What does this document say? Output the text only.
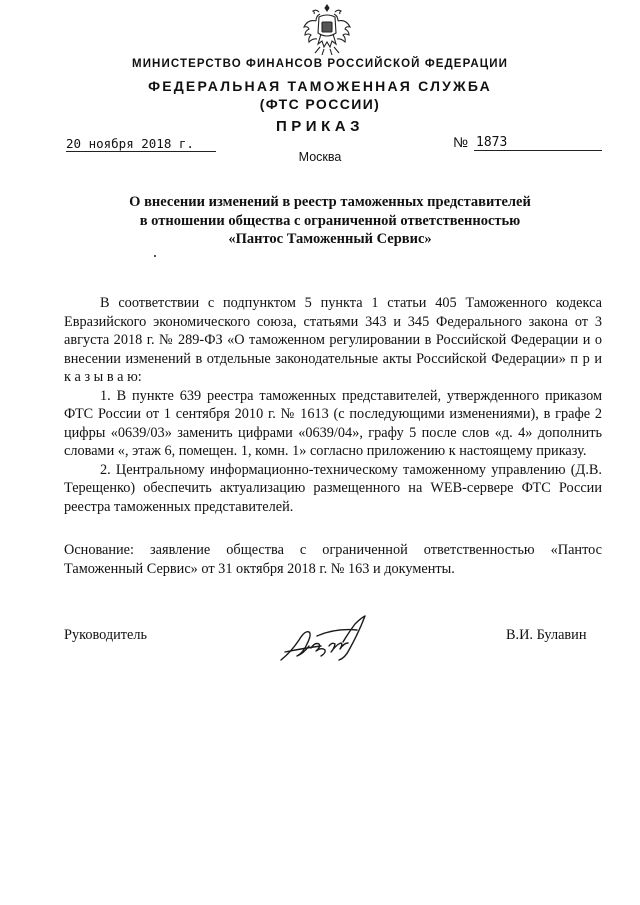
МИНИСТЕРСТВО ФИНАНСОВ РОССИЙСКОЙ ФЕДЕРАЦИИ
ФЕДЕРАЛЬНАЯ ТАМОЖЕННАЯ СЛУЖБА
(ФТС РОССИИ)
ПРИКАЗ
20 ноября 2018 г.	№ 1873
Москва
О внесении изменений в реестр таможенных представителей
в отношении общества с ограниченной ответственностью
«Пантос Таможенный Сервис»

В соответствии с подпунктом 5 пункта 1 статьи 405 Таможенного кодекса Евразийского экономического союза, статьями 343 и 345 Федерального закона от 3 августа 2018 г. № 289-ФЗ «О таможенном регулировании в Российской Федерации и о внесении изменений в отдельные законодательные акты Российской Федерации» п р и к а з ы в а ю:

1. В пункте 639 реестра таможенных представителей, утвержденного приказом ФТС России от 1 сентября 2010 г. № 1613 (с последующими изменениями), в графе 2 цифры «0639/03» заменить цифрами «0639/04», графу 5 после слов «д. 4» дополнить словами «, этаж 6, помещен. 1, комн. 1» согласно приложению к настоящему приказу.

2. Центральному информационно-техническому таможенному управлению (Д.В. Терещенко) обеспечить актуализацию размещенного на WEB-сервере ФТС России реестра таможенных представителей.

Основание: заявление общества с ограниченной ответственностью «Пантос Таможенный Сервис» от 31 октября 2018 г. № 163 и документы.
Руководитель	В.И. Булавин
